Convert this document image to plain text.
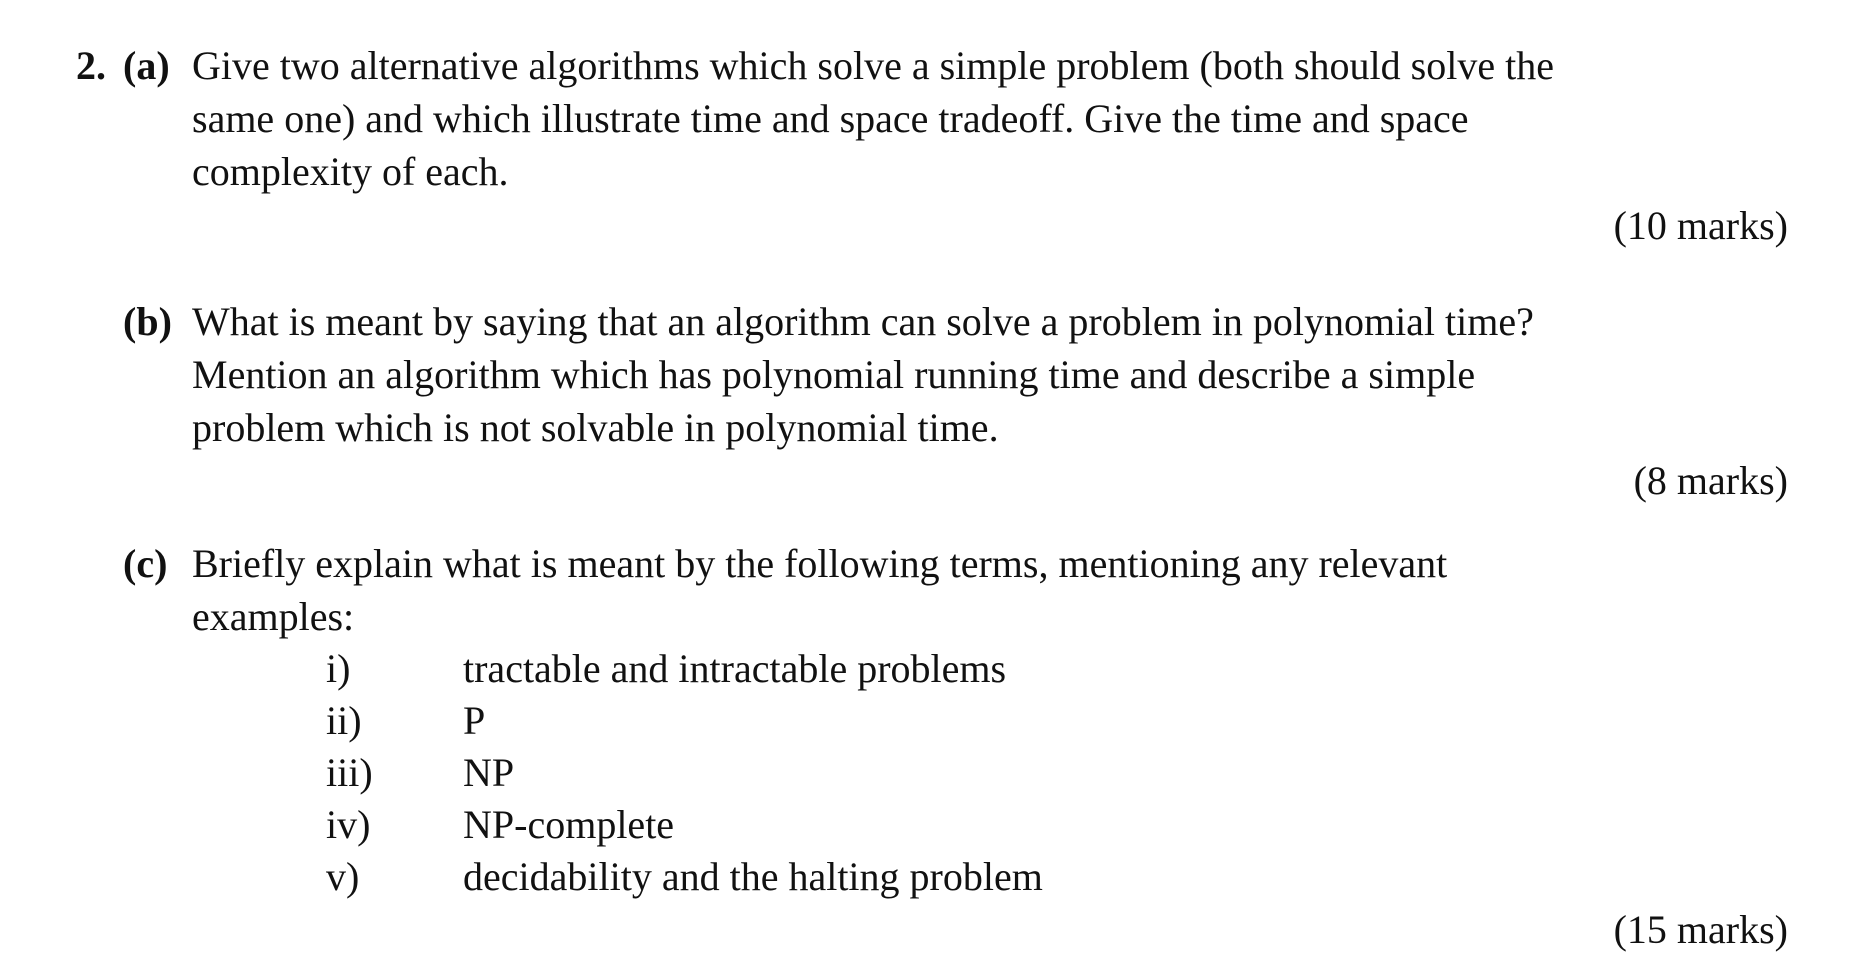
2. (a) Give two alternative algorithms which solve a simple problem (both should solve the
same one) and which illustrate time and space tradeoff. Give the time and space
complexity of each.
(10 marks)
(b) What is meant by saying that an algorithm can solve a problem in polynomial time?
Mention an algorithm which has polynomial running time and describe a simple
problem which is not solvable in polynomial time.
(8 marks)
(c) Briefly explain what is meant by the following terms, mentioning any relevant
examples:
i)	tractable and intractable problems
ii)	P
iii) NP
iv) NP-complete
v)	decidability and the halting problem
(15 marks)
